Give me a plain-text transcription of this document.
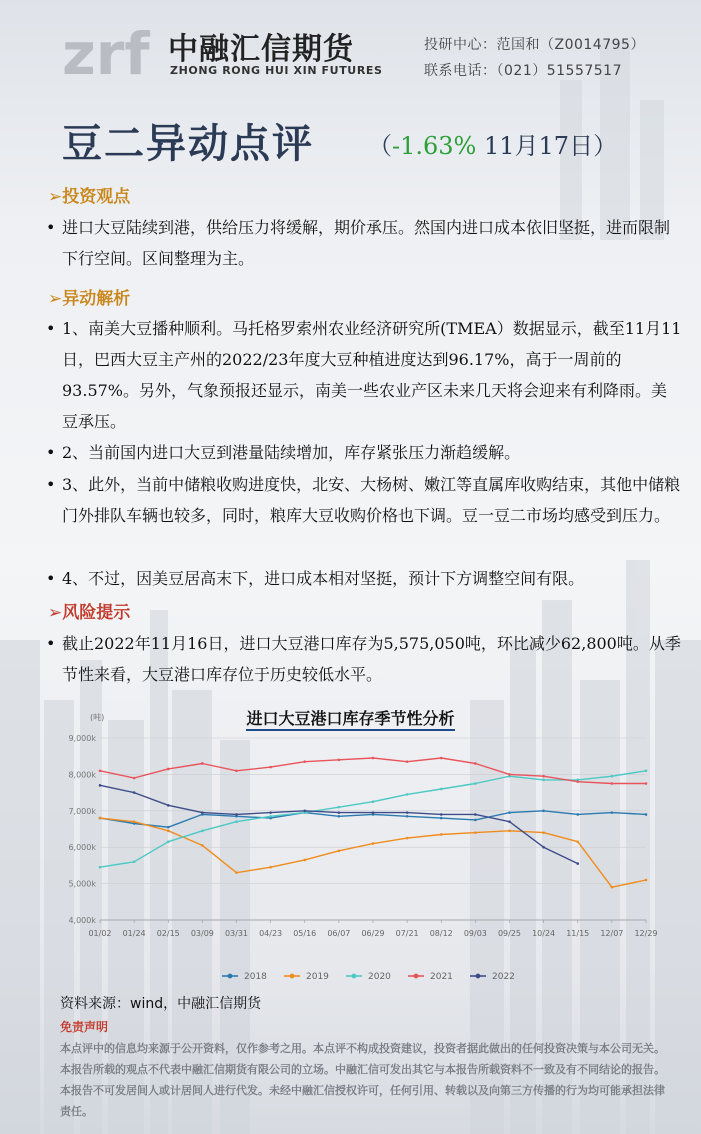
zrf 中融汇信期货
ZHONG RONG HUI XIN FUTURES
投研中心：范国和（Z0014795）
联系电话：（021）51557517
豆二异动点评 （-1.63% 11月17日）
➢投资观点
• 进口大豆陆续到港，供给压力将缓解，期价承压。然国内进口成本依旧坚挺，进而限制下行空间。区间整理为主。
➢异动解析
• 1、南美大豆播种顺利。马托格罗索州农业经济研究所(TMEA）数据显示，截至11月11日，巴西大豆主产州的2022/23年度大豆种植进度达到96.17%，高于一周前的93.57%。另外，气象预报还显示，南美一些农业产区未来几天将会迎来有利降雨。美豆承压。
• 2、当前国内进口大豆到港量陆续增加，库存紧张压力渐趋缓解。
• 3、此外，当前中储粮收购进度快，北安、大杨树、嫩江等直属库收购结束，其他中储粮门外排队车辆也较多，同时，粮库大豆收购价格也下调。豆一豆二市场均感受到压力。
• 4、不过，因美豆居高末下，进口成本相对坚挺，预计下方调整空间有限。
➢风险提示
• 截止2022年11月16日，进口大豆港口库存为5,575,050吨，环比减少62,800吨。从季节性来看，大豆港口库存位于历史较低水平。
进口大豆港口库存季节性分析
(吨)
4,000k
5,000k
6,000k
7,000k
8,000k
9,000k
01/02 01/24 02/15 03/09 03/31 04/23 05/16 06/07 06/29 07/21 08/12 09/03 09/25 10/24 11/15 12/07 12/29
2018	2019	2020	2021	2022
资料来源：wind，中融汇信期货
免责声明
本点评中的信息均来源于公开资料，仅作参考之用。本点评不构成投资建议，投资者据此做出的任何投资决策与本公司无关。本报告所载的观点不代表中融汇信期货有限公司的立场。中融汇信可发出其它与本报告所载资料不一致及有不同结论的报告。本报告不可发居间人或计居间人进行代发。未经中融汇信授权许可，任何引用、转载以及向第三方传播的行为均可能承担法律责任。
